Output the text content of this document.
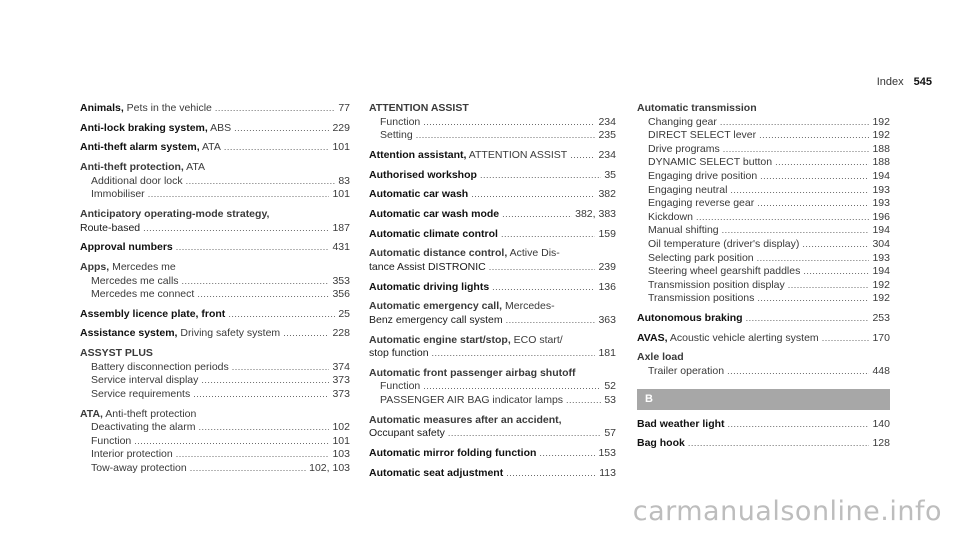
Index 545
Animals, Pets in the vehicle .....	77
Anti-lock braking system, ABS .....	229
Anti-theft alarm system, ATA .....	101
Anti-theft protection, ATA
Additional door lock .....	83
Immobiliser .....	101
Anticipatory operating-mode strategy,
Route-based .....	187
Approval numbers .....	431
Apps, Mercedes me
Mercedes me calls .....	353
Mercedes me connect .....	356
Assembly licence plate, front .....	25
Assistance system, Driving safety system .....	228
ASSYST PLUS
Battery disconnection periods .....	374
Service interval display .....	373
Service requirements .....	373
ATA, Anti-theft protection
Deactivating the alarm .....	102
Function .....	101
Interior protection .....	103
Tow-away protection .....	102, 103
ATTENTION ASSIST
Function .....	234
Setting .....	235
Attention assistant, ATTENTION ASSIST .....	234
Authorised workshop .....	35
Automatic car wash .....	382
Automatic car wash mode .....	382, 383
Automatic climate control .....	159
Automatic distance control, Active Dis-
tance Assist DISTRONIC .....	239
Automatic driving lights .....	136
Automatic emergency call, Mercedes-
Benz emergency call system .....	363
Automatic engine start/stop, ECO start/
stop function .....	181
Automatic front passenger airbag shutoff
Function .....	52
PASSENGER AIR BAG indicator lamps .....	53
Automatic measures after an accident,
Occupant safety .....	57
Automatic mirror folding function .....	153
Automatic seat adjustment .....	113
Automatic transmission
Changing gear .....	192
DIRECT SELECT lever .....	192
Drive programs .....	188
DYNAMIC SELECT button .....	188
Engaging drive position .....	194
Engaging neutral .....	193
Engaging reverse gear .....	193
Kickdown .....	196
Manual shifting .....	194
Oil temperature (driver's display) .....	304
Selecting park position .....	193
Steering wheel gearshift paddles .....	194
Transmission position display .....	192
Transmission positions .....	192
Autonomous braking .....	253
AVAS, Acoustic vehicle alerting system .....	170
Axle load
Trailer operation .....	448
B
Bad weather light .....	140
Bag hook .....	128
carmanualsonline.info
